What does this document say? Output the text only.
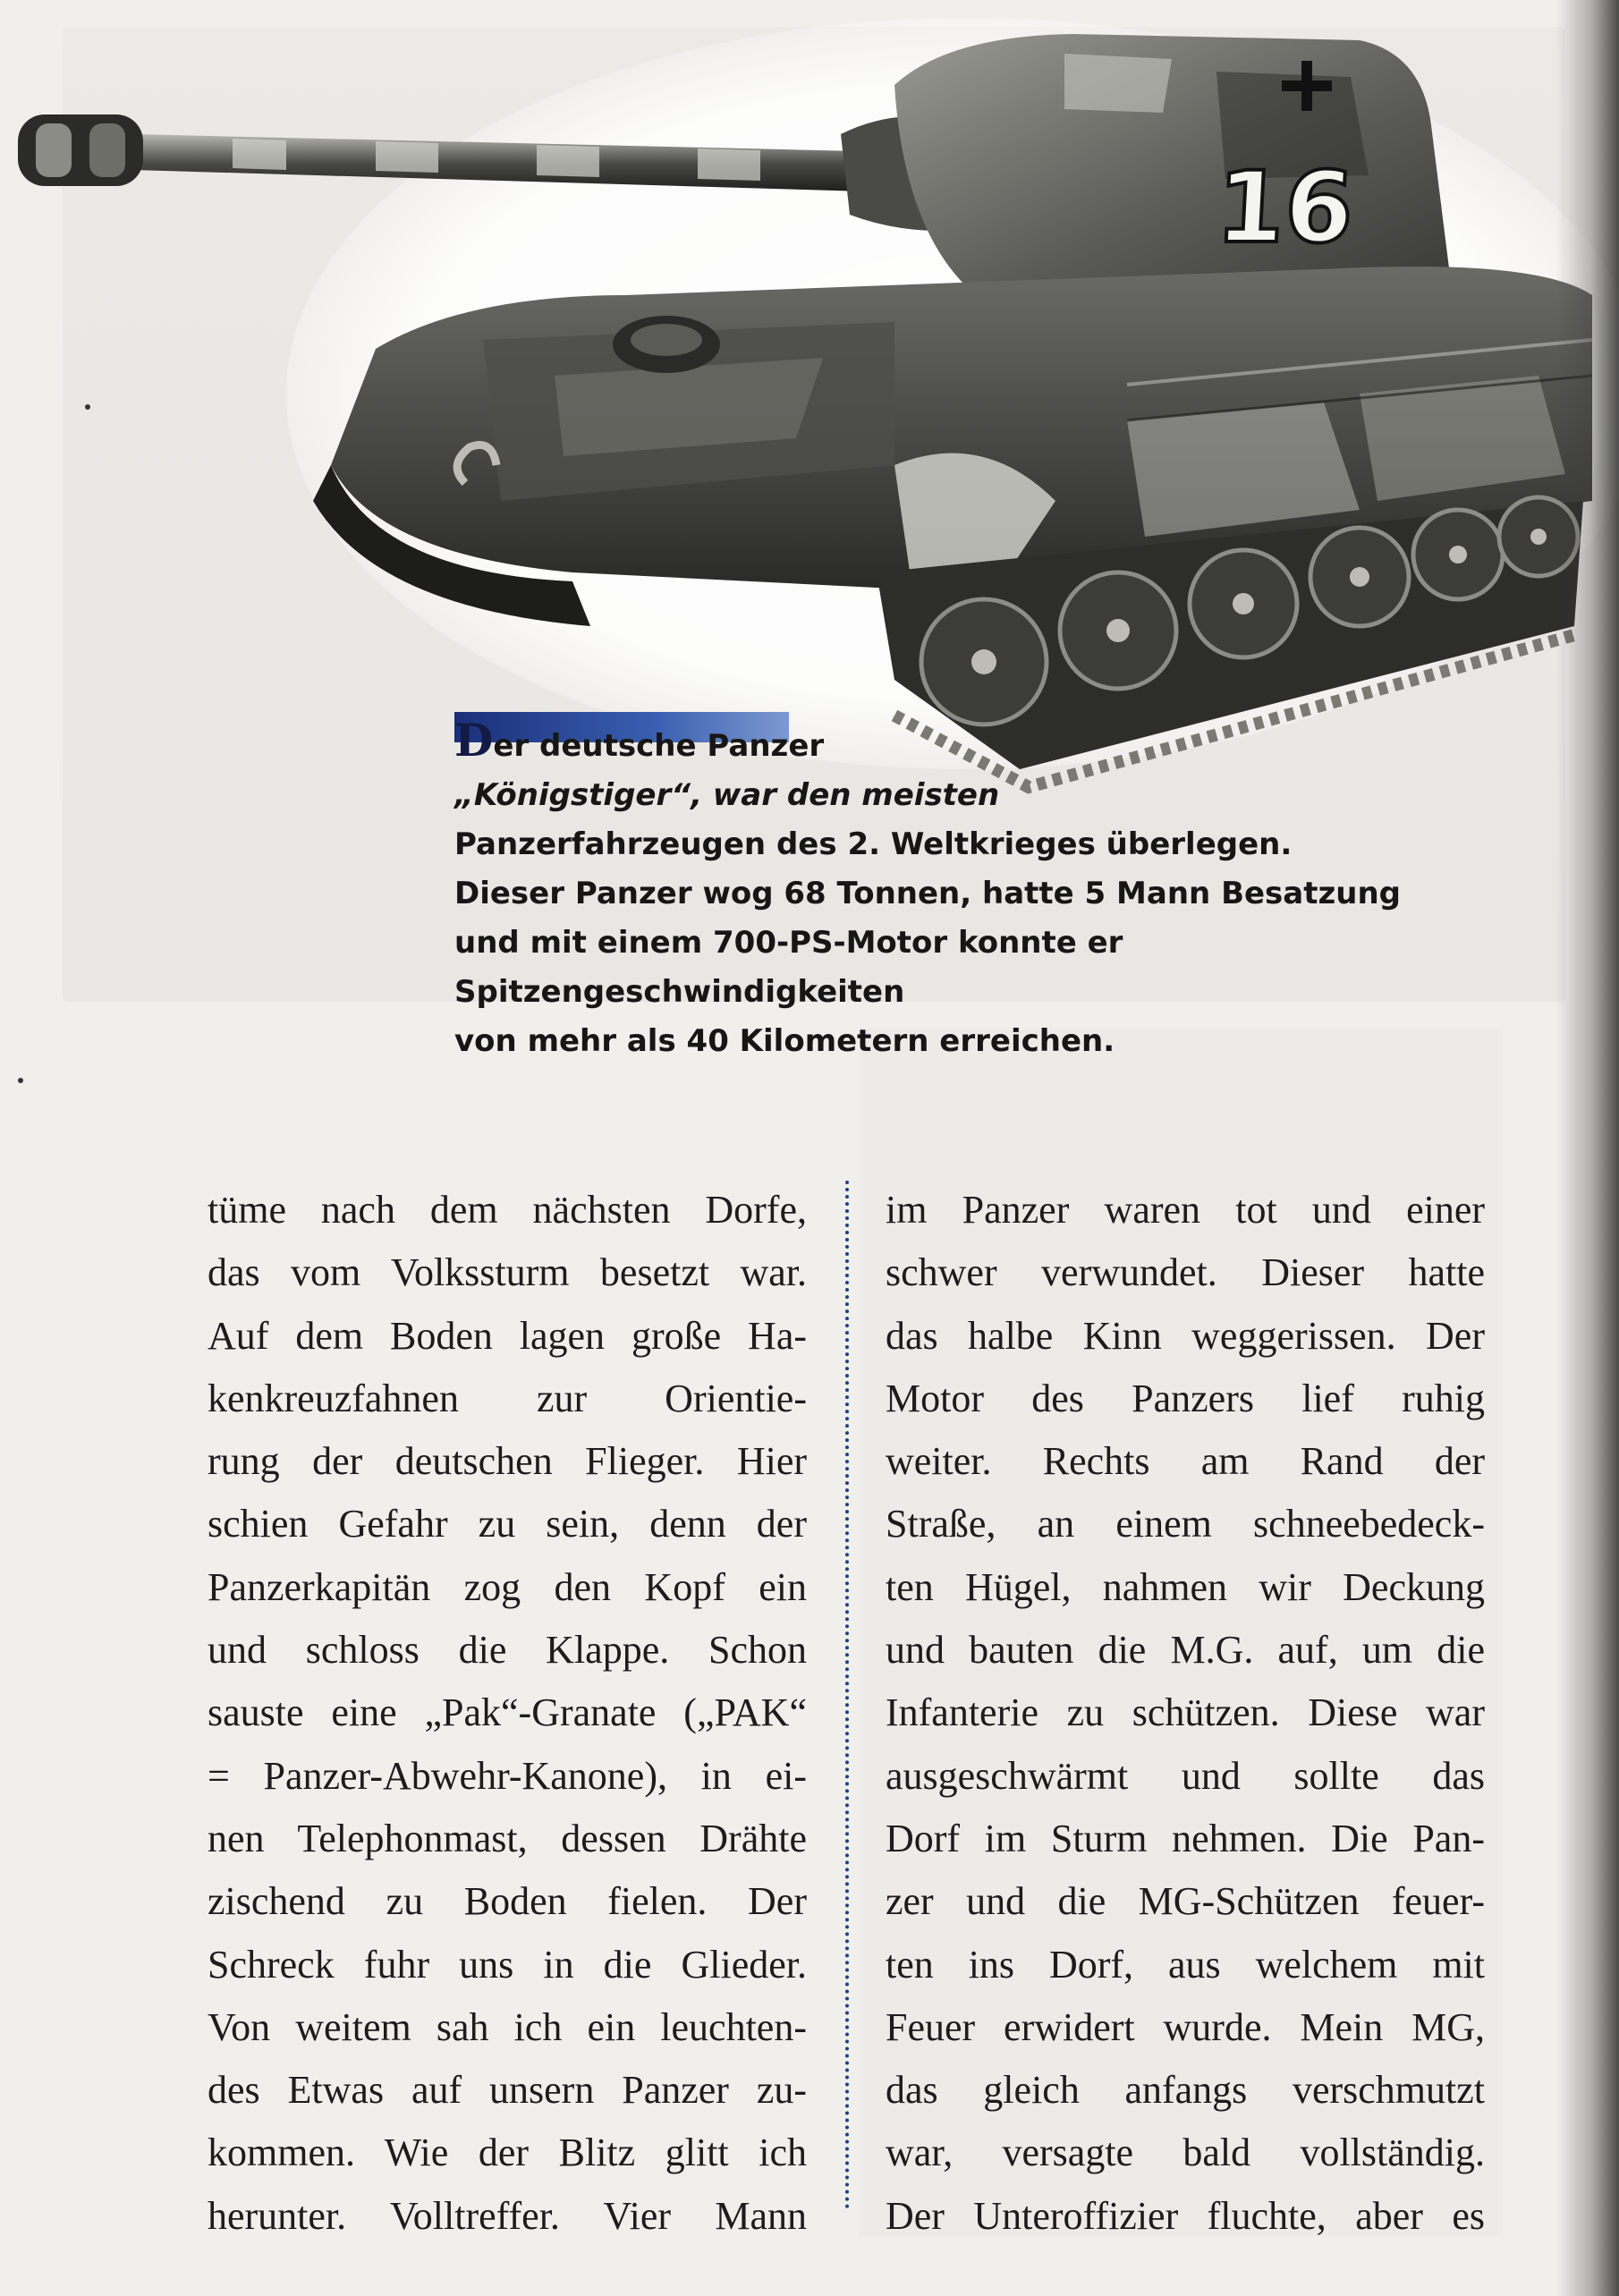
16
Der deutsche Panzer
„Königstiger“, war den meisten
Panzerfahrzeugen des 2. Weltkrieges überlegen.
Dieser Panzer wog 68 Tonnen, hatte 5 Mann Besatzung
und mit einem 700-PS-Motor konnte er
Spitzengeschwindigkeiten
von mehr als 40 Kilometern erreichen.
tüme nach dem nächsten Dorfe,
das vom Volkssturm besetzt war.
Auf dem Boden lagen große Ha-
kenkreuzfahnen zur Orientie-
rung der deutschen Flieger. Hier
schien Gefahr zu sein, denn der
Panzerkapitän zog den Kopf ein
und schloss die Klappe. Schon
sauste eine „Pak“-Granate („PAK“
= Panzer-Abwehr-Kanone), in ei-
nen Telephonmast, dessen Drähte
zischend zu Boden fielen. Der
Schreck fuhr uns in die Glieder.
Von weitem sah ich ein leuchten-
des Etwas auf unsern Panzer zu-
kommen. Wie der Blitz glitt ich
herunter. Volltreffer. Vier Mann
im Panzer waren tot und einer
schwer verwundet. Dieser hatte
das halbe Kinn weggerissen. Der
Motor des Panzers lief ruhig
weiter. Rechts am Rand der
Straße, an einem schneebedeck-
ten Hügel, nahmen wir Deckung
und bauten die M.G. auf, um die
Infanterie zu schützen. Diese war
ausgeschwärmt und sollte das
Dorf im Sturm nehmen. Die Pan-
zer und die MG-Schützen feuer-
ten ins Dorf, aus welchem mit
Feuer erwidert wurde. Mein MG,
das gleich anfangs verschmutzt
war, versagte bald vollständig.
Der Unteroffizier fluchte, aber es
